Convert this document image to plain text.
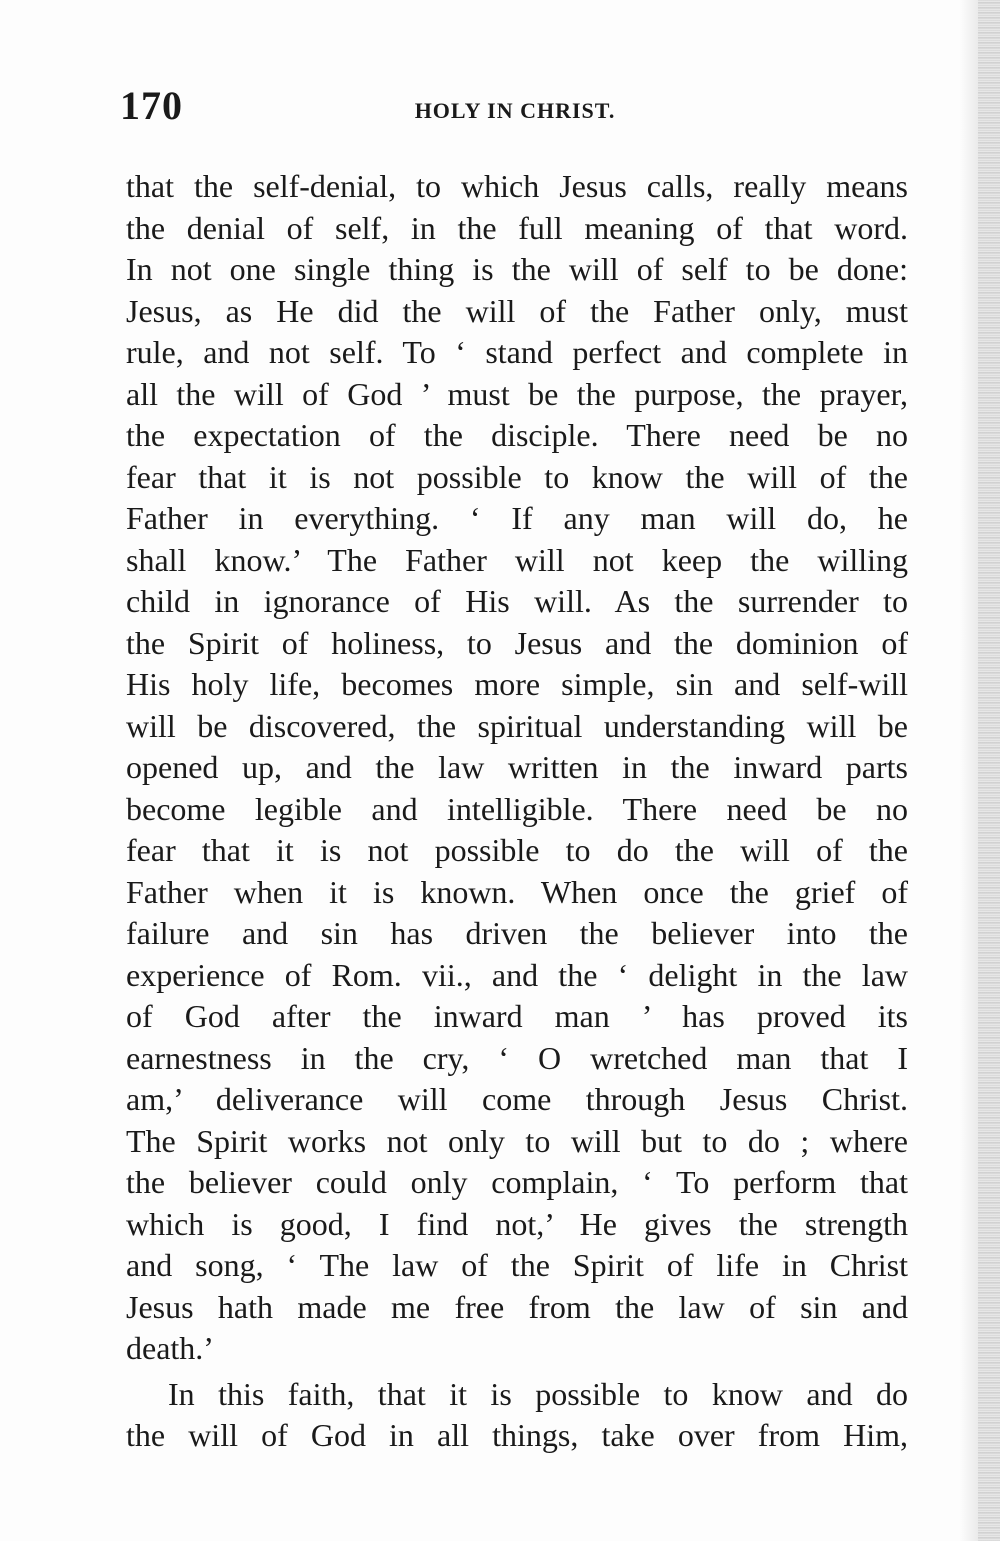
170	HOLY IN CHRIST.
that the self-denial, to which Jesus calls, really means
the denial of self, in the full meaning of that word.
In not one single thing is the will of self to be done:
Jesus, as He did the will of the Father only, must
rule, and not self. To ‘ stand perfect and complete in
all the will of God ’ must be the purpose, the prayer,
the expectation of the disciple. There need be no
fear that it is not possible to know the will of the
Father in everything. ‘ If any man will do, he
shall know.’ The Father will not keep the willing
child in ignorance of His will. As the surrender to
the Spirit of holiness, to Jesus and the dominion of
His holy life, becomes more simple, sin and self-will
will be discovered, the spiritual understanding will be
opened up, and the law written in the inward parts
become legible and intelligible. There need be no
fear that it is not possible to do the will of the
Father when it is known. When once the grief of
failure and sin has driven the believer into the
experience of Rom. vii., and the ‘ delight in the law
of God after the inward man ’ has proved its
earnestness in the cry, ‘ O wretched man that I
am,’ deliverance will come through Jesus Christ.
The Spirit works not only to will but to do ; where
the believer could only complain, ‘ To perform that
which is good, I find not,’ He gives the strength
and song, ‘ The law of the Spirit of life in Christ
Jesus hath made me free from the law of sin and
death.’
In this faith, that it is possible to know and do
the will of God in all things, take over from Him,
